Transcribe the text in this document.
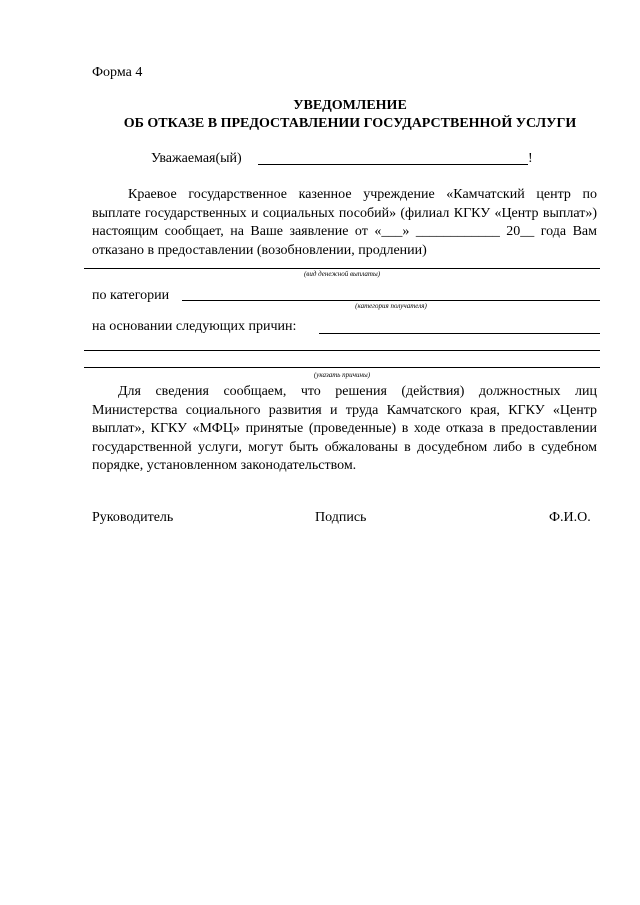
Форма 4
УВЕДОМЛЕНИЕ
ОБ ОТКАЗЕ В ПРЕДОСТАВЛЕНИИ ГОСУДАРСТВЕННОЙ УСЛУГИ
Уважаемая(ый)	!
Краевое государственное казенное учреждение «Камчатский центр по выплате государственных и социальных пособий» (филиал КГКУ «Центр выплат») настоящим сообщает, на Ваше заявление от «___» ____________ 20__ года Вам отказано в предоставлении (возобновлении, продлении)
(вид денежной выплаты)
по категории
(категория получателя)
на основании следующих причин:
(указать причины)
Для сведения сообщаем, что решения (действия) должностных лиц Министерства социального развития и труда Камчатского края, КГКУ «Центр выплат», КГКУ «МФЦ» принятые (проведенные) в ходе отказа в предоставлении государственной услуги, могут быть обжалованы в досудебном либо в судебном порядке, установленном законодательством.
Руководитель	Подпись	Ф.И.О.
